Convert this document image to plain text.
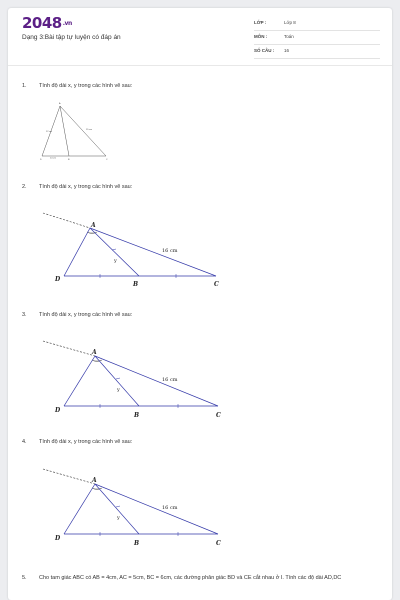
2048.vn
Dạng 3:Bài tập tự luyện có đáp án
LỚP :	Lớp 8
MÔN :	Toán
SỐ CÂU : 16
1. Tính độ dài x, y trong các hình vẽ sau:
A
B	C
D
12 cm
15 cm
14 cm
2. Tính độ dài x, y trong các hình vẽ sau:
A
B	C
D
y
16 cm
3. Tính độ dài x, y trong các hình vẽ sau:
A
B	C
D
y
16 cm
4. Tính độ dài x, y trong các hình vẽ sau:
A
B	C
D
y
16 cm
5. Cho tam giác ABC có AB = 4cm, AC = 5cm, BC = 6cm, các đường phân giác BD và CE cắt nhau ở I. Tính các độ dài AD,DC
